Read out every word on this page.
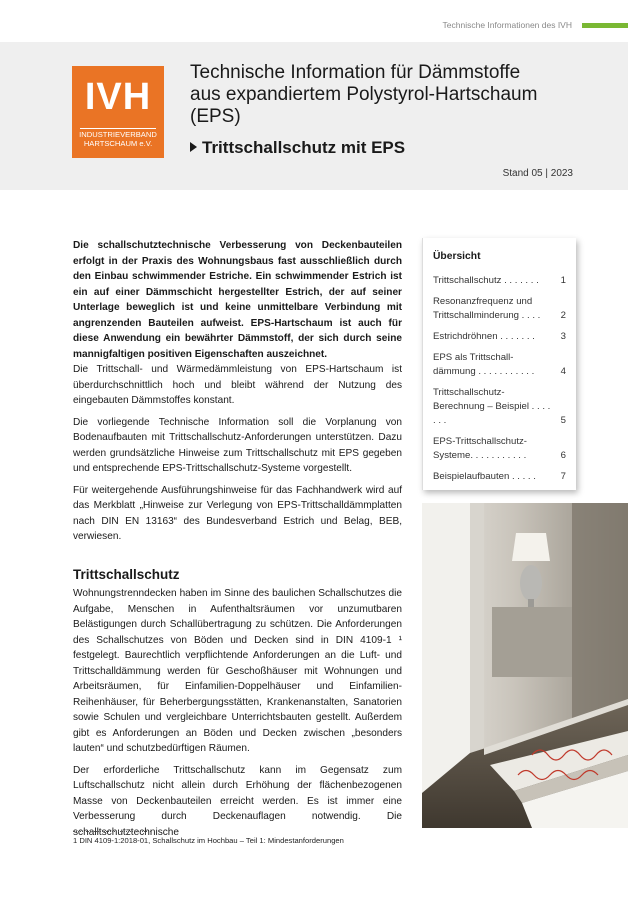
Technische Informationen des IVH
IVH
INDUSTRIEVERBAND
HARTSCHAUM e.V.
Technische Information für Dämmstoffe
aus expandiertem Polystyrol-Hartschaum
(EPS)
Trittschallschutz mit EPS
Stand 05 | 2023

Die schallschutztechnische Verbesserung von Deckenbauteilen erfolgt in der Praxis des Wohnungsbaus fast ausschließlich durch den Einbau schwimmender Estriche. Ein schwimmender Estrich ist ein auf einer Dämmschicht hergestellter Estrich, der auf seiner Unterlage beweglich ist und keine unmittelbare Verbindung mit angrenzenden Bauteilen aufweist. EPS-Hartschaum ist auch für diese Anwendung ein bewährter Dämmstoff, der sich durch seine mannigfaltigen positiven Eigenschaften auszeichnet.

Die Trittschall- und Wärmedämmleistung von EPS-Hartschaum ist überdurchschnittlich hoch und bleibt während der Nutzung des eingebauten Dämmstoffes konstant.

Die vorliegende Technische Information soll die Vorplanung von Bodenaufbauten mit Trittschallschutz-Anforderungen unterstützen. Dazu werden grundsätzliche Hinweise zum Trittschallschutz mit EPS gegeben und entsprechende EPS-Trittschallschutz-Systeme vorgestellt.

Für weitergehende Ausführungshinweise für das Fachhandwerk wird auf das Merkblatt „Hinweise zur Verlegung von EPS-Trittschalldämmplatten nach DIN EN 13163“ des Bundesverband Estrich und Belag, BEB, verwiesen.

Trittschallschutz

Wohnungstrenndecken haben im Sinne des baulichen Schallschutzes die Aufgabe, Menschen in Aufenthaltsräumen vor unzumutbaren Belästigungen durch Schallübertragung zu schützen. Die Anforderungen des Schallschutzes von Böden und Decken sind in DIN 4109-1 ¹ festgelegt. Baurechtlich verpflichtende Anforderungen an die Luft- und Trittschalldämmung werden für Geschoßhäuser mit Wohnungen und Arbeitsräumen, für Einfamilien-Doppelhäuser und Einfamilien-Reihenhäuser, für Beherbergungsstätten, Krankenanstalten, Sanatorien sowie Schulen und vergleichbare Unterrichtsbauten gestellt. Außerdem gibt es Anforderungen an Böden und Decken zwischen „besonders lauten“ und schutzbedürftigen Räumen.

Der erforderliche Trittschallschutz kann im Gegensatz zum Luftschallschutz nicht allein durch Erhöhung der flächenbezogenen Masse von Deckenbauteilen erreicht werden. Es ist immer eine Verbesserung durch Deckenauflagen notwendig. Die schalltschutztechnische

1 DIN 4109-1:2018-01, Schallschutz im Hochbau – Teil 1: Mindestanforderungen
Übersicht
Trittschallschutz . . . . . . .	1
Resonanzfrequenz und Trittschallminderung . . . .	2
Estrichdröhnen . . . . . . .	3
EPS als Trittschall-dämmung . . . . . . . . . . .	4
Trittschallschutz-Berechnung – Beispiel . . . . . . .	5
EPS-Trittschallschutz-Systeme. . . . . . . . . . .	6
Beispielaufbauten . . . . .	7
